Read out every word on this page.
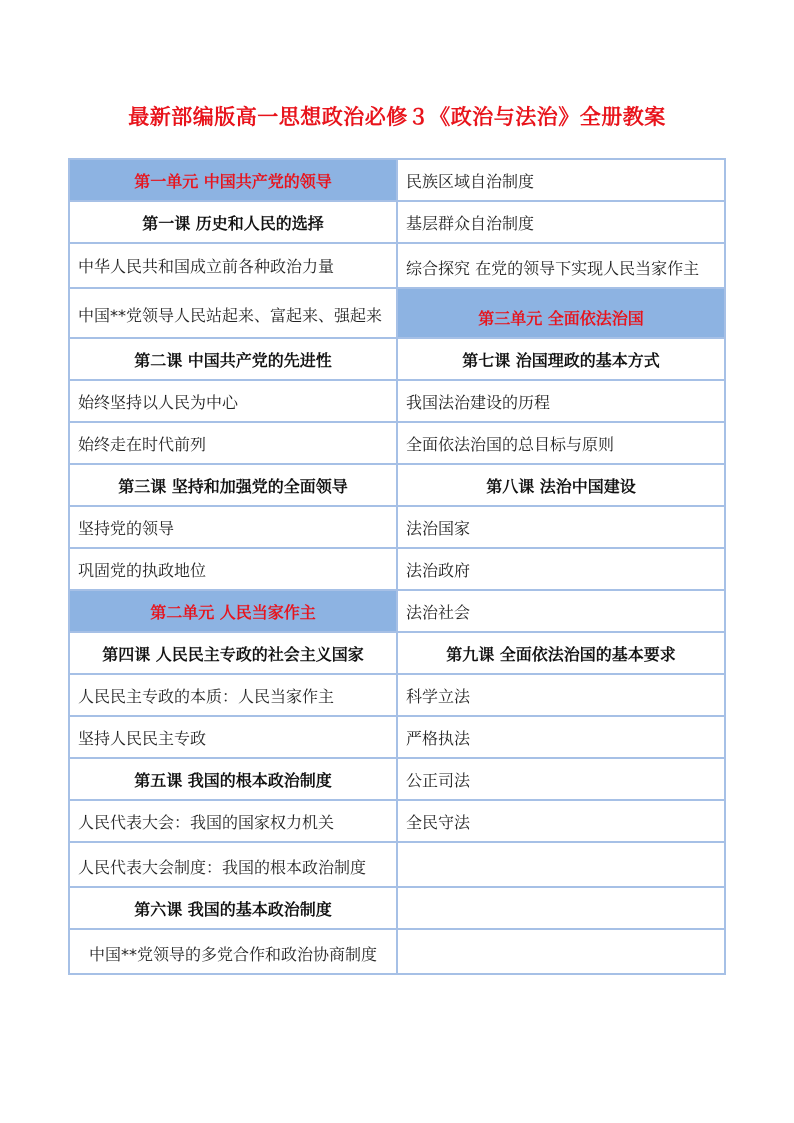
最新部编版高一思想政治必修３《政治与法治》全册教案
第一单元 中国共产党的领导	民族区域自治制度
第一课 历史和人民的选择	基层群众自治制度
中华人民共和国成立前各种政治力量	综合探究 在党的领导下实现人民当家作主
中国**党领导人民站起来、富起来、强起来	第三单元 全面依法治国
第二课 中国共产党的先进性	第七课 治国理政的基本方式
始终坚持以人民为中心	我国法治建设的历程
始终走在时代前列	全面依法治国的总目标与原则
第三课 坚持和加强党的全面领导	第八课 法治中国建设
坚持党的领导	法治国家
巩固党的执政地位	法治政府
第二单元 人民当家作主	法治社会
第四课 人民民主专政的社会主义国家	第九课 全面依法治国的基本要求
人民民主专政的本质：人民当家作主	科学立法
坚持人民民主专政	严格执法
第五课 我国的根本政治制度	公正司法
人民代表大会：我国的国家权力机关	全民守法
人民代表大会制度：我国的根本政治制度	
第六课 我国的基本政治制度	
中国**党领导的多党合作和政治协商制度	
